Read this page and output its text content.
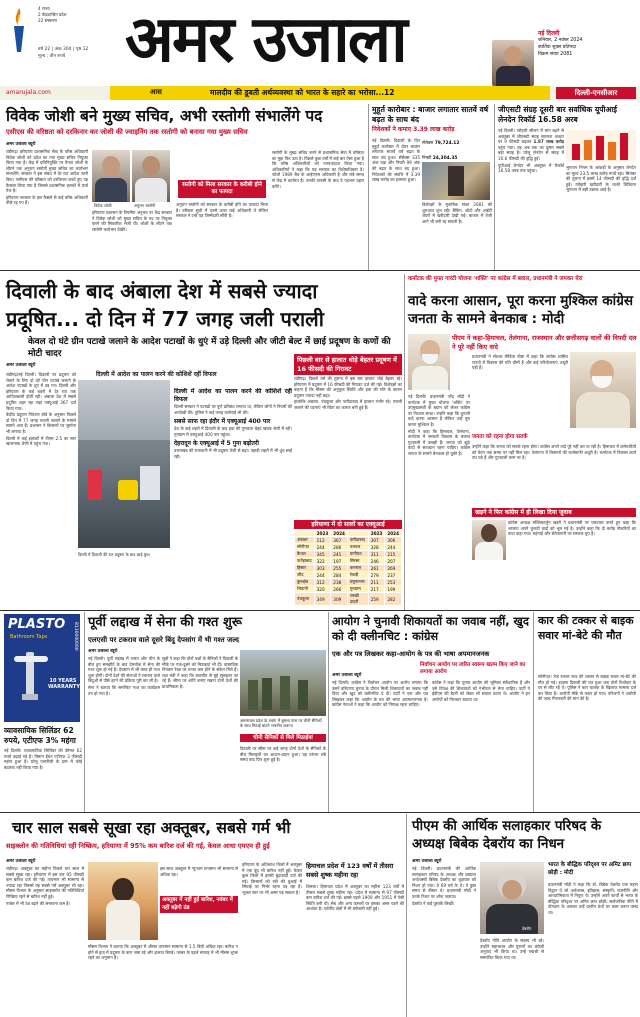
4 राज्य
2 केंद्रशासित प्रदेश
22 संस्करण
वर्ष 22 | अंक 304 | पृष्ठ 12
मूल्य : तीन रुपये अमर उजाला	नई दिल्ली
शनिवार, 2 नवंबर 2024
कार्तिक शुक्ल प्रतिपदा
विक्रम संवत 2081
amarujala.com	आस	मालदीव की डूबती अर्थव्यवस्था को भारत के सहारे का भरोसा...12	दिल्ली-एनसीआर
विवेक जोशी बने मुख्य सचिव, अभी रस्तोगी संभालेंगे पद
एसीएस की वरिष्ठता को दरकिनार कर जोशी की ज्वाइनिंग तक रस्तोगी को बनाया गया मुख्य सचिव
अमर उजाला ब्यूरो

चंडीगढ़। हरियाणा प्रशासनिक सेवा के वरिष्ठ अधिकारी विवेक जोशी को प्रदेश का नया मुख्य सचिव नियुक्त किया गया है। केंद्र में प्रतिनियुक्ति पर तैनात जोशी के लौटने तक अनुराग रस्तोगी मुख्य सचिव का कार्यभार संभालेंगे। सरकार ने इस संबंध में देर रात आदेश जारी किए। एसीएस की वरिष्ठता को दरकिनार करते हुए यह फैसला लिया गया है जिससे प्रशासनिक हलकों में चर्चा तेज है।

हरियाणा सरकार के इस फैसले से कई वरिष्ठ अधिकारी पीछे रह गए हैं।

विवेक जोशी	अनुराग रस्तोगी

हरियाणा प्रशासन के नियमित अनुभव पर केंद्र सरकार ने विवेक जोशी को मुख्य सचिव के पद पर नियुक्त करने की सिफारिश भेजी थी। जोशी के लौटने तक रस्तोगी कार्यभार देखेंगे।

रस्तोगी को मिला सरकार के करीबी होने का फायदा

अनुराग रस्तोगी को सरकार के करीबी होने का फायदा मिला है। वरिष्ठता सूची में उनसे ऊपर कई अधिकारी थे लेकिन सरकार ने उन्हें यह जिम्मेदारी सौंपी है।

रस्तोगी के मुख्य सचिव बनने से प्रशासनिक सेवा में वरिष्ठता का मुद्दा फिर उठा है। पिछले कुछ वर्षों में कई बार ऐसा हुआ है कि वरिष्ठ अधिकारियों को नजरअंदाज किया गया। अधिकारियों ने कहा कि यह सरकार का विशेषाधिकार है। जोशी 1989 बैच के आईएएस अधिकारी हैं और लंबे समय से केंद्र में कार्यरत हैं। उनकी वापसी के बाद वे पदभार ग्रहण करेंगे।

मुहूर्त कारोबार : बाजार लगातार सातवें वर्ष बढ़त के साथ बंद
निवेशकों ने कमाए 3.39 लाख करोड़

नई दिल्ली। दिवाली के दिन मुहूर्त कारोबार में शेयर बाजार लगातार सातवें वर्ष बढ़त के साथ बंद हुआ। सेंसेक्स 335 अंक चढ़ा और निफ्टी 99 अंक की बढ़त के साथ बंद हुआ। निवेशकों की संपत्ति में 3.39 लाख करोड़ का इजाफा हुआ।

सेंसेक्स 79,724.12
निफ्टी 24,304.35

विशेषज्ञों के मुताबिक संवत 2081 की शुरुआत शुभ रही। बैंकिंग, ऑटो और आईटी शेयरों में खरीदारी देखी गई। बाजार में तेजी आगे भी बनी रह सकती है।

जीएसटी संग्रह दूसरी बार सर्वाधिक यूपीआई लेनदेन रिकॉर्ड 16.58 अरब

नई दिल्ली। त्योहारी सीजन में मांग बढ़ने से अक्तूबर में जीएसटी संग्रह सालाना आधार पर 9 फीसदी बढ़कर 1.87 लाख करोड़ पहुंच गया। यह अब तक का दूसरा सबसे बड़ा संग्रह है। घरेलू लेनदेन से संग्रह में 10.6 फीसदी की वृद्धि हुई।

यूपीआई लेनदेन भी अक्तूबर में रिकॉर्ड 16.58 अरब तक पहुंचा।

भुगतान निगम के आंकड़ों के अनुसार लेनदेन का मूल्य 23.5 लाख करोड़ रुपये रहा। सितंबर की तुलना में इसमें 14 फीसदी की वृद्धि दर्ज हुई। त्योहारी खरीदारी के चलते डिजिटल भुगतान में बड़ी उछाल आई है।

दिवाली के बाद अंबाला देश में सबसे ज्यादा
प्रदूषित... दो दिन में 77 जगह जली पराली
केवल दो घंटे ग्रीन पटाखे जलाने के आदेश पटाखों के धुएं में उड़े दिल्ली और जीटी बेल्ट में छाई प्रदूषण के कणों की मोटी चादर
अमर उजाला ब्यूरो

चंडीगढ़/नई दिल्ली। दिवाली पर प्रदूषण को रोकने के लिए दो घंटे ग्रीन पटाखे जलाने के आदेश पटाखों के धुएं में उड़ गए। दिल्ली और हरियाणा के कई शहरों में देर रात तक आतिशबाजी होती रही। अंबाला देश में सबसे प्रदूषित शहर रहा जहां एक्यूआई 367 दर्ज किया गया।

केंद्रीय प्रदूषण नियंत्रण बोर्ड के अनुसार पिछले दो दिन में 77 जगह पराली जलाने के मामले सामने आए हैं। प्रशासन ने किसानों पर जुर्माना भी लगाया है।

दिल्ली में कई इलाकों में पीएम 2.5 का स्तर खतरनाक श्रेणी में पहुंच गया।

दिल्ली में आदेश का पालन करने की कोशिशें रहीं विफल
दिल्ली में दिवाली की रात प्रदूषण के बाद छाई धुंध।
दिल्ली में आदेश का पालन करने की कोशिशें रहीं विफल

दिल्ली सरकार ने पटाखों पर पूर्ण प्रतिबंध लगाया था, लेकिन लोगों ने नियमों की अनदेखी की। पुलिस ने कई जगह कार्रवाई भी की।

सबसे साफ रहा इंदौर में एक्यूआई 400 पार

देश के कई शहरों में दिवाली के बाद हवा की गुणवत्ता बेहद खराब श्रेणी में रही। गुरुग्राम में एक्यूआई 400 पार पहुंचा।

देहरादून के एक्यूआई में 5 गुना बढ़ोतरी

उत्तराखंड की राजधानी में भी प्रदूषण तेजी से बढ़ा। पहाड़ी शहरों में भी धुंध छाई रही।

पिछली बार से हालात थोड़े बेहतर प्रदूषण में 16 फीसदी की गिरावट

चंडीगढ़। पिछले वर्ष की तुलना में इस बार हालात थोड़े बेहतर रहे। हरियाणा में प्रदूषण में 16 फीसदी की गिरावट दर्ज की गई। विशेषज्ञों का कहना है कि मौसम की अनुकूल स्थिति और हवा की गति के कारण प्रदूषण ज्यादा नहीं बढ़ा।

हालांकि अंबाला, पंचकूला और फरीदाबाद में हालात गंभीर रहे। पराली जलाने की घटनाएं भी चिंता का कारण बनी हुई हैं।

हरियाणा में दो सालों का एक्यूआई
	2023	2024		2023	2024
अंबाला	112	367	फरीदाबाद	307	306
सोनीपत	244	286	पलवल	328	244
कैथल	345	241	पानीपत	311	215
फतेहाबाद	322	197	सिरसा	246	207
हिसार	303	255	करनाल	261	269
जींद	244	284	रेवाड़ी	279	237
कुरुक्षेत्र	312	238	यमुनानगर	211	253
भिवानी	320	266	गुरुग्राम	217	199
पंचकूला	349	309	चरखी दादरी	259	282
कर्नाटक की मुफ्त गारंटी योजना 'शक्ति' पर कांग्रेस में बवाल, प्रधानमंत्री ने जमकर घेरा
वादे करना आसान, पूरा करना मुश्किल कांग्रेस जनता के सामने बेनकाब : मोदी
पीएम ने कहा-हिमाचल, तेलंगाना, राजस्थान और छत्तीसगढ़ वालों की विपदी दल ने पूरे नहीं किए वादे

नई दिल्ली। प्रधानमंत्री नरेंद्र मोदी ने कर्नाटक में मुफ्त योजना 'शक्ति' पर उपमुख्यमंत्री के बयान को लेकर कांग्रेस पर निशाना साधा। उन्होंने कहा कि चुनावी वादे करना आसान है लेकिन उन्हें पूरा करना मुश्किल है।

मोदी ने कहा कि हिमाचल, तेलंगाना, कर्नाटक में सरकारें विकास के बजाय गुटबाजी में उलझी हैं। जनता को झूठे वादों से सावधान रहना चाहिए। कांग्रेस जनता के सामने बेनकाब हो चुकी है।

प्रधानमंत्री ने सोशल मीडिया पोस्ट में कहा कि कांग्रेस शासित राज्यों में विकास की गति धीमी है और कई परियोजनाएं अधूरी पड़ी हैं।

जनता को रहना होगा सतर्क

उन्होंने कहा कि जनता को सतर्क रहना होगा। कांग्रेस अपने वादे पूरे नहीं कर पा रही है। हिमाचल में कर्मचारियों को वेतन तक समय पर नहीं मिल रहा। तेलंगाना में किसानों की कर्जमाफी अधूरी है। कर्नाटक में विकास कार्य ठप पड़े हैं और गुटबाजी चरम पर है।

खड़गे ने फिर कांग्रेस में ही लिखा दिया जुवाब

कांग्रेस अध्यक्ष मल्लिकार्जुन खड़गे ने प्रधानमंत्री पर पलटवार करते हुए कहा कि भाजपा अपने चुनावी वादों को भूल गई है। उन्होंने कहा कि दो करोड़ नौकरियों का वादा कहां गया। महंगाई और बेरोजगारी पर सरकार चुप है।

PLASTO
Bathroom Taps
10 YEARS WARRANTY
8130000000
व्यावसायिक सिलिंडर 62 रुपये, एटीएफ 3% महंगा

नई दिल्ली। व्यावसायिक सिलिंडर की कीमत 62 रुपये बढ़ाई गई है। विमान ईंधन एटीएफ 3 फीसदी महंगा हुआ है। घरेलू एलपीजी के दाम में कोई बदलाव नहीं किया गया है।

पूर्वी लद्दाख में सेना की गश्त शुरू
एलएसी पर टकराव वाले दूसरे बिंदु देपसांग में भी गश्त जल्द
अमर उजाला ब्यूरो

नई दिल्ली। पूर्वी लद्दाख में भारत और चीन के बीच हुए समझौते के बाद देमचोक में सेना की गश्त शुरू हो गई है। देपसांग में भी जल्द ही गश्त शुरू होगी। दोनों देशों की सेनाओं ने टकराव वाले बिंदुओं से पीछे हटने की प्रक्रिया पूरी कर ली है।

सेना ने बताया कि समन्वित गश्त का कार्यक्रम तय हो गया है।

सूत्रों ने कहा कि दोनों पक्षों के सैनिकों ने दिवाली के मौके पर एक-दूसरे को मिठाइयां भी दीं। वास्तविक नियंत्रण रेखा पर तनाव कम होने के संकेत मिले हैं। रक्षा मंत्री ने कहा कि बातचीत से मुद्दे सुलझाए जा रहे हैं। सीमा पर शांति बनाए रखना दोनों देशों की प्राथमिकता है।

अरुणाचल प्रदेश के तवांग में बुमला पास पर चीनी सैनिकों के साथ मिठाई बांटते भारतीय जवान।
चीनी सैनिकों से मिले मिठाईयां

दिवाली पर सीमा पर कई जगह दोनों देशों के सैनिकों के बीच मिठाइयों का आदान-प्रदान हुआ। यह परंपरा लंबे समय बाद फिर शुरू हुई है।

आयोग ने चुनावी शिकायतों का जवाब नहीं, खुद को दी क्लीनचिट : कांग्रेस
एक और पत्र लिखकर कहा-आयोग के पत्र की भाषा अपमानजनक
निर्वाचन आयोग पर त्वरित स्वरूप खतम किए जाने का लगाया आरोप
अमर उजाला ब्यूरो

नई दिल्ली। कांग्रेस ने निर्वाचन आयोग पर आरोप लगाया कि उसने हरियाणा चुनाव के दौरान मिली शिकायतों का जवाब नहीं दिया और खुद को क्लीनचिट दे दी। पार्टी ने एक और पत्र लिखकर कहा कि आयोग के पत्र की भाषा अपमानजनक है। कांग्रेस नेताओं ने कहा कि आयोग को निष्पक्ष रहना चाहिए।

कांग्रेस ने कहा कि चुनाव आयोग की भूमिका संवैधानिक है और उसे विपक्ष की शिकायतों को गंभीरता से लेना चाहिए। पार्टी ने ईवीएम की बैटरी को लेकर भी सवाल उठाए थे। आयोग ने इन आरोपों को निराधार बताया था।

कार की टक्कर से बाइक सवार मां-बेटे की मौत

सोनीपत। तेज रफ्तार कार की टक्कर से बाइक सवार मां-बेटे की मौत हो गई। हादसा दिवाली की रात हुआ जब दोनों रिश्तेदार के घर से लौट रहे थे। पुलिस ने कार चालक के खिलाफ मामला दर्ज कर लिया है। आरोपी मौके से फरार हो गया। परिजनों ने आरोपी की जल्द गिरफ्तारी की मांग की है।

चार साल सबसे सूखा रहा अक्तूबर, सबसे गर्म भी
साइक्लोन की गतिविधियां रहीं निष्क्रिय, हरियाणा में 95% कम बारिश दर्ज की गई, केवल आधा एमएम ही हुई
अमर उजाला ब्यूरो

चंडीगढ़। अक्तूबर का महीना पिछले चार साल में सबसे सूखा रहा। हरियाणा में इस बार 95 फीसदी कम बारिश दर्ज की गई। तापमान भी सामान्य से ज्यादा रहा जिससे यह सबसे गर्म अक्तूबर भी रहा। मौसम विभाग के अनुसार साइक्लोन की गतिविधियां निष्क्रिय रहने से बारिश नहीं हुई।

नवंबर में भी ठंड बढ़ने की संभावना कम है।

अक्तूबर में नहीं हुई बारिश, नवंबर में नहीं बढ़ेगी ठंड

मौसम विभाग ने बताया कि अक्तूबर में औसत तापमान सामान्य से 1.5 डिग्री अधिक रहा। बारिश न होने से हवा में प्रदूषण के कण जमा रहे और हालात बिगड़े। नवंबर के पहले सप्ताह में भी मौसम शुष्क रहने का अनुमान है।

इस साल अक्तूबर में न्यूनतम तापमान भी सामान्य से अधिक रहा।

हरियाणा के अधिकांश जिलों में अक्तूबर में एक बूंद भी बारिश नहीं हुई। केवल कुछ जिलों में हल्की बूंदाबांदी दर्ज की गई। किसानों को रबी की बुआई में सिंचाई पर निर्भर रहना पड़ रहा है। भूजल स्तर पर भी असर पड़ सकता है।

हिमाचल प्रदेश में 123 वर्षों में तीसरा सबसे शुष्क महीना रहा

शिमला। हिमाचल प्रदेश में अक्तूबर का महीना 123 वर्षों में तीसरा सबसे शुष्क महीना रहा। प्रदेश में सामान्य से 97 फीसदी कम बारिश दर्ज की गई। इससे पहले 1909 और 1951 में ऐसी स्थिति बनी थी। सेब और अन्य फसलों पर इसका असर पड़ने की आशंका है। पर्वतीय क्षेत्रों में भी बर्फबारी नहीं हुई।

पीएम की आर्थिक सलाहकार परिषद के अध्यक्ष बिबेक देबरॉय का निधन
अमर उजाला ब्यूरो

नई दिल्ली। प्रधानमंत्री की आर्थिक सलाहकार परिषद के अध्यक्ष और प्रख्यात अर्थशास्त्री बिबेक देबरॉय का शुक्रवार को निधन हो गया। वे 69 वर्ष के थे। वे कुछ समय से बीमार थे। प्रधानमंत्री मोदी ने उनके निधन पर शोक जताया।

देबरॉय ने कई पुस्तकें लिखीं।

देबरॉय

देबरॉय नीति आयोग के सदस्य भी रहे। उन्होंने महाभारत और पुराणों का अंग्रेजी अनुवाद भी किया था। उन्हें पद्मश्री से सम्मानित किया गया था।

भारत के बौद्धिक परिदृश्य पर अमिट छाप छोड़ी : मोदी

प्रधानमंत्री मोदी ने कहा कि डॉ. बिबेक देबरॉय एक महान विद्वान थे जो अर्थशास्त्र, इतिहास, संस्कृति, राजनीति और आध्यात्मिकता में निपुण थे। उन्होंने अपने कार्यों से भारत के बौद्धिक परिदृश्य पर अमिट छाप छोड़ी। सार्वजनिक नीति में योगदान के अलावा उन्हें प्राचीन ग्रंथों पर काम करना पसंद था।
